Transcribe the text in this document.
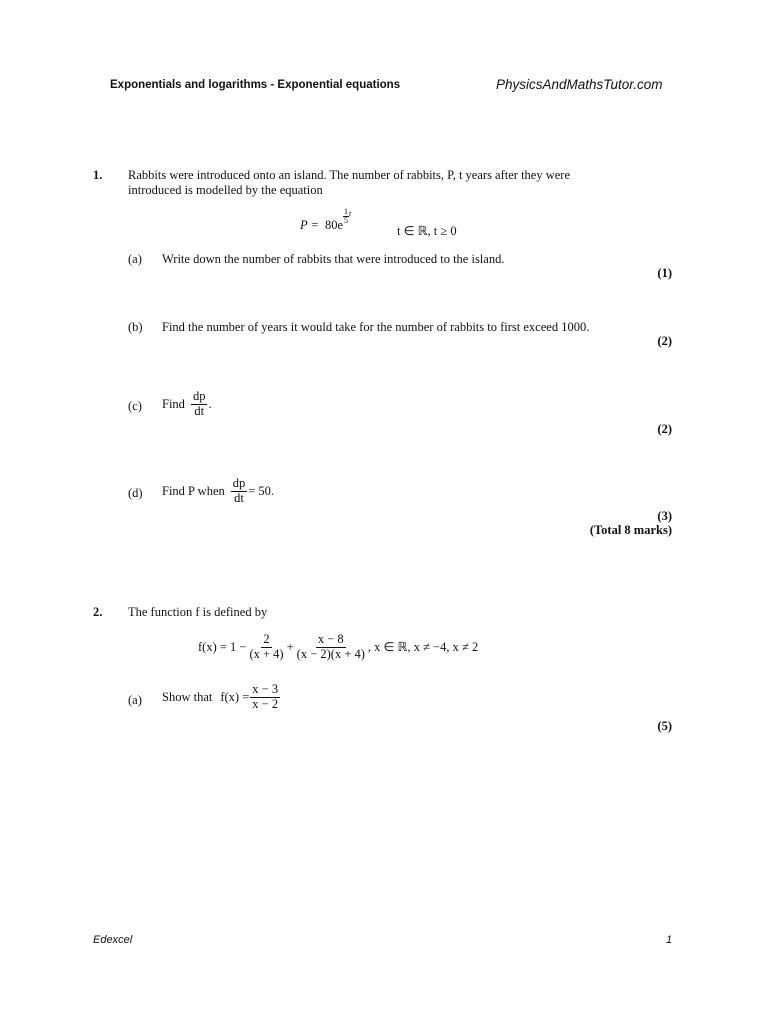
Exponentials and logarithms - Exponential equations	PhysicsAndMathsTutor.com
1. Rabbits were introduced onto an island. The number of rabbits, P, t years after they were
introduced is modelled by the equation
$P = 80e \frac{1}{5}$ t
t ∈ ℝ, t ≥ 0
(a) Write down the number of rabbits that were introduced to the island.
(1)
(b) Find the number of years it would take for the number of rabbits to first exceed 1000.
(2)
(c) Find $\frac{dp}{dt}$ .
(2)
(d) Find P when $\frac{dp}{dt} = 50$.
(3)
(Total 8 marks)
2. The function f is defined by
$f(x) = 1 - \frac{2}{(x + 4)} + \frac{x - 8}{(x - 2)(x + 4)}$ , x ∈ ℝ, x ≠ −4, x ≠ 2
(a) Show that $f(x) = \frac{x - 3}{x - 2}$
(5)
Edexcel	1
